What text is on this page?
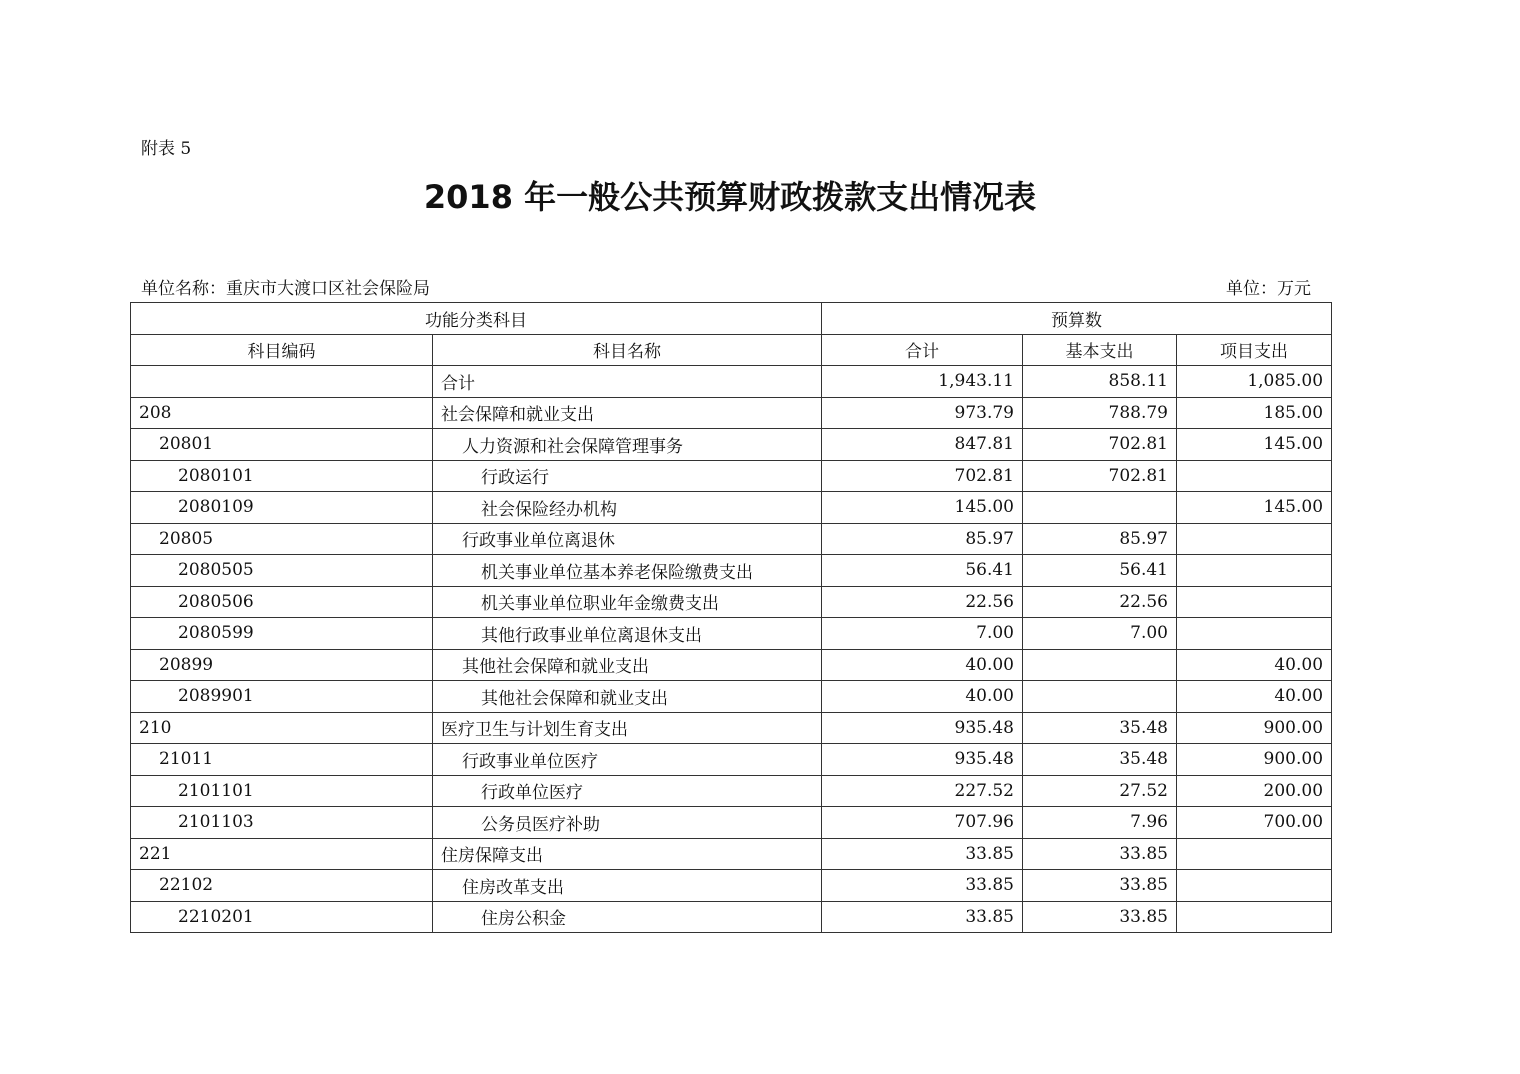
附表 5
2018 年一般公共预算财政拨款支出情况表
单位名称：重庆市大渡口区社会保险局	单位：万元
功能分类科目		预算数		
科目编码	科目名称	合计	基本支出	项目支出
	合计	1,943.11	858.11	1,085.00
208	社会保障和就业支出	973.79	788.79	185.00
20801	人力资源和社会保障管理事务	847.81	702.81	145.00
2080101	行政运行	702.81	702.81	
2080109	社会保险经办机构	145.00		145.00
20805	行政事业单位离退休	85.97	85.97	
2080505	机关事业单位基本养老保险缴费支出	56.41	56.41	
2080506	机关事业单位职业年金缴费支出	22.56	22.56	
2080599	其他行政事业单位离退休支出	7.00	7.00	
20899	其他社会保障和就业支出	40.00		40.00
2089901	其他社会保障和就业支出	40.00		40.00
210	医疗卫生与计划生育支出	935.48	35.48	900.00
21011	行政事业单位医疗	935.48	35.48	900.00
2101101	行政单位医疗	227.52	27.52	200.00
2101103	公务员医疗补助	707.96	7.96	700.00
221	住房保障支出	33.85	33.85	
22102	住房改革支出	33.85	33.85	
2210201	住房公积金	33.85	33.85	
